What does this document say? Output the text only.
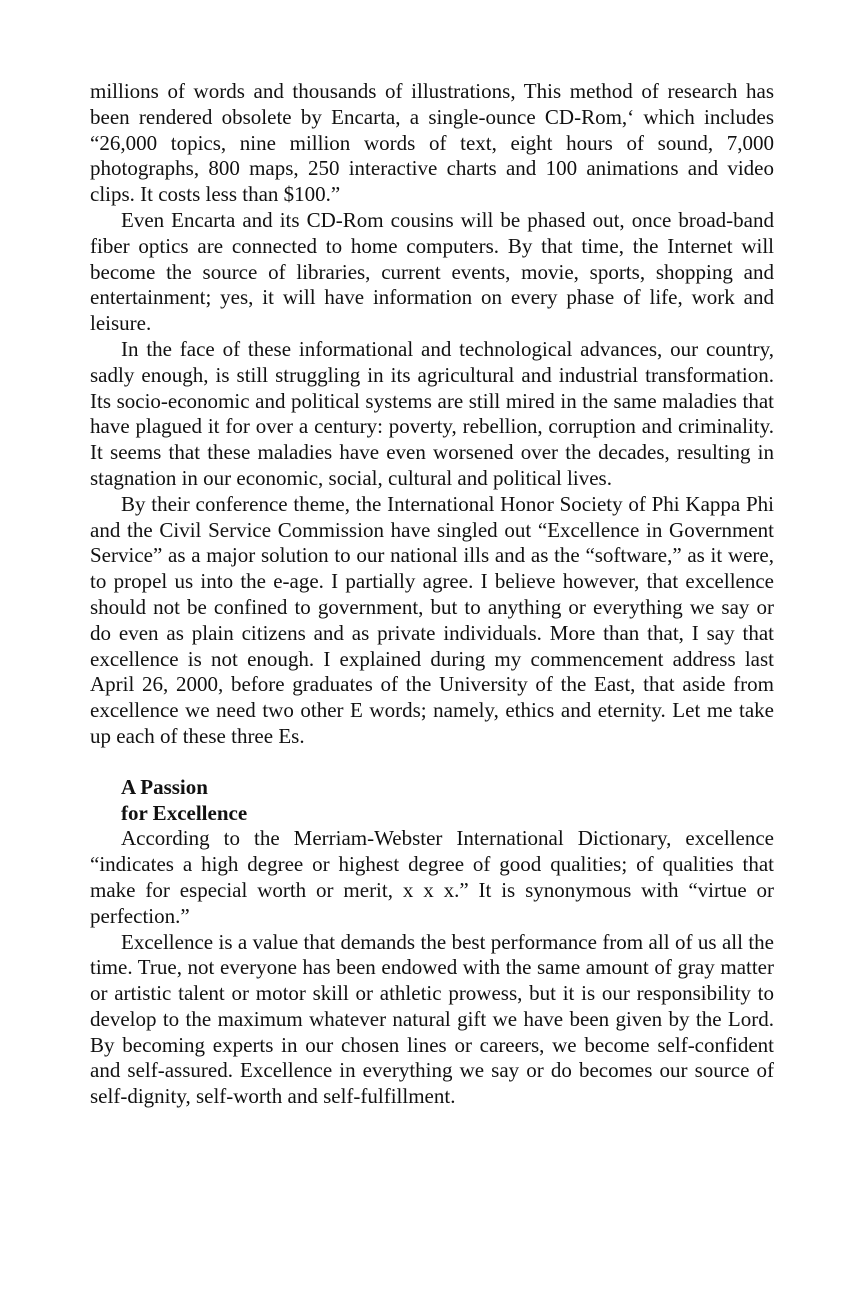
millions of words and thousands of illustrations, This method of research has been rendered obsolete by Encarta, a single-ounce CD-Rom,‘ which includes “26,000 topics, nine million words of text, eight hours of sound, 7,000 photographs, 800 maps, 250 interactive charts and 100 animations and video clips. It costs less than $100.”

Even Encarta and its CD-Rom cousins will be phased out, once broad-band fiber optics are connected to home computers. By that time, the Internet will become the source of libraries, current events, movie, sports, shopping and entertainment; yes, it will have information on every phase of life, work and leisure.

In the face of these informational and technological advances, our country, sadly enough, is still struggling in its agricultural and industrial transformation. Its socio-economic and political systems are still mired in the same maladies that have plagued it for over a century: poverty, rebellion, corruption and criminality. It seems that these maladies have even worsened over the decades, resulting in stagnation in our economic, social, cultural and political lives.

By their conference theme, the International Honor Society of Phi Kappa Phi and the Civil Service Commission have singled out “Excellence in Government Service” as a major solution to our national ills and as the “software,” as it were, to propel us into the e-age. I partially agree. I believe however, that excellence should not be confined to government, but to anything or everything we say or do even as plain citizens and as private individuals. More than that, I say that excellence is not enough. I explained during my commencement address last April 26, 2000, before graduates of the University of the East, that aside from excellence we need two other E words; namely, ethics and eternity. Let me take up each of these three Es.

A Passion
for Excellence

According to the Merriam-Webster International Dictionary, excellence “indicates a high degree or highest degree of good qualities; of qualities that make for especial worth or merit, x x x.” It is synonymous with “virtue or perfection.”

Excellence is a value that demands the best performance from all of us all the time. True, not everyone has been endowed with the same amount of gray matter or artistic talent or motor skill or athletic prowess, but it is our responsibility to develop to the maximum whatever natural gift we have been given by the Lord. By becoming experts in our chosen lines or careers, we become self-confident and self-assured. Excellence in everything we say or do becomes our source of self-dignity, self-worth and self-fulfillment.
